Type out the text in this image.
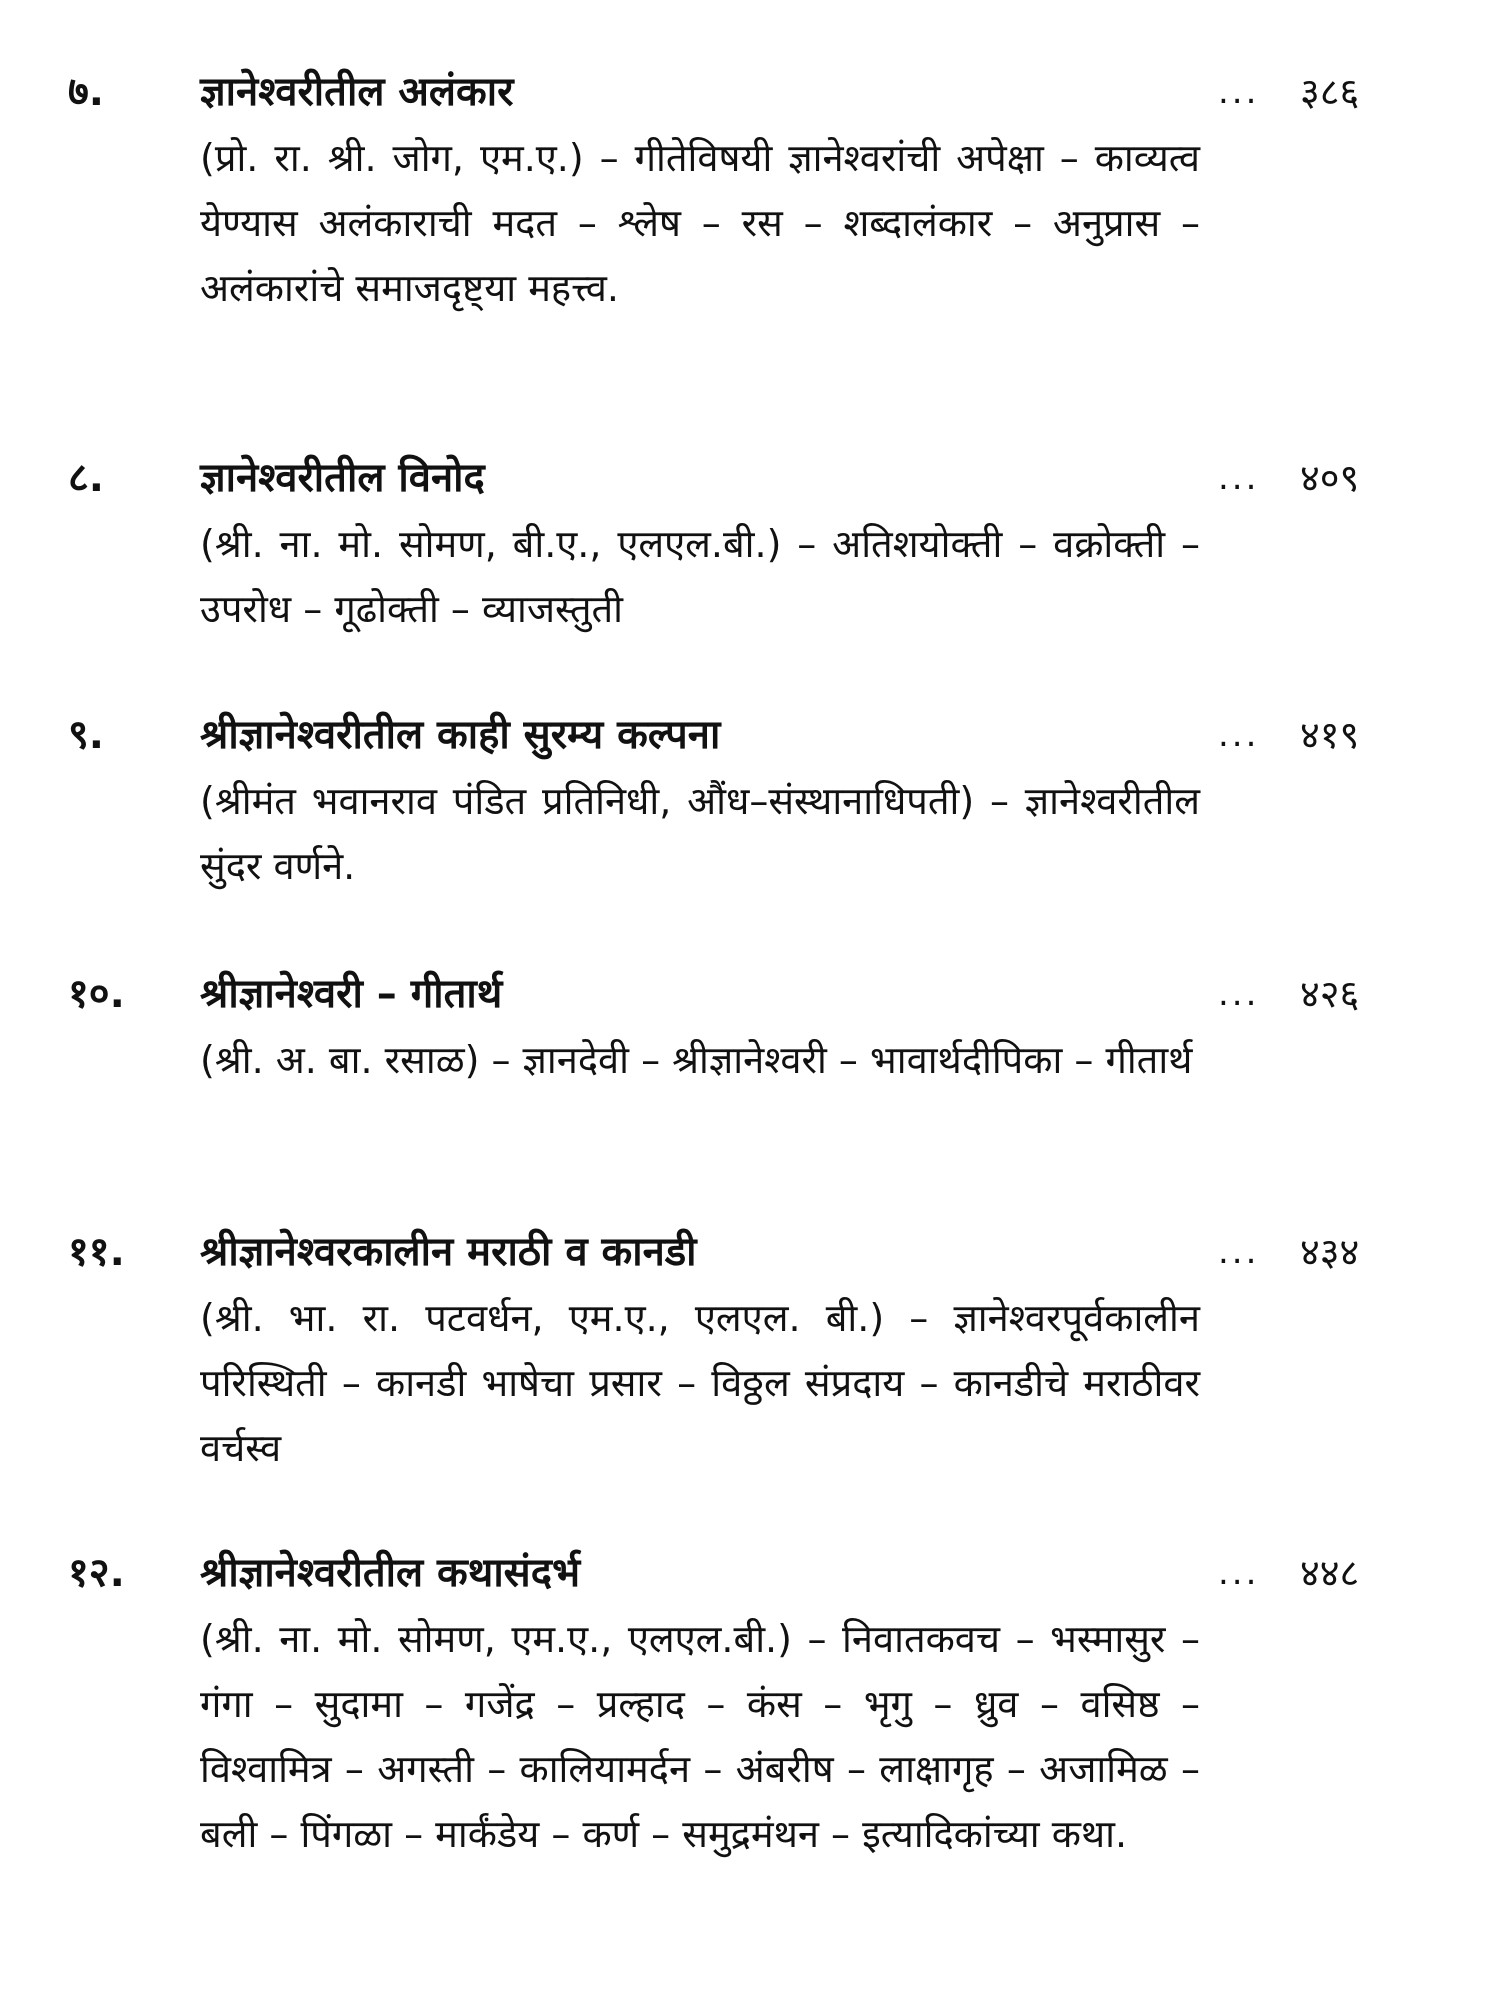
७. ज्ञानेश्वरीतील अलंकार	... ३८६

(प्रो. रा. श्री. जोग, एम.ए.) – गीतेविषयी ज्ञानेश्वरांची अपेक्षा – काव्यत्व येण्यास अलंकाराची मदत – श्लेष – रस – शब्दालंकार – अनुप्रास – अलंकारांचे समाजदृष्ट्या महत्त्व.

८. ज्ञानेश्वरीतील विनोद	... ४०९

(श्री. ना. मो. सोमण, बी.ए., एलएल.बी.) – अतिशयोक्ती – वक्रोक्ती – उपरोध – गूढोक्ती – व्याजस्तुती

९. श्रीज्ञानेश्वरीतील काही सुरम्य कल्पना	... ४१९

(श्रीमंत भवानराव पंडित प्रतिनिधी, औंध–संस्थानाधिपती) – ज्ञानेश्वरीतील सुंदर वर्णने.

१०. श्रीज्ञानेश्वरी – गीतार्थ	... ४२६

(श्री. अ. बा. रसाळ) – ज्ञानदेवी – श्रीज्ञानेश्वरी – भावार्थदीपिका – गीतार्थ

११. श्रीज्ञानेश्वरकालीन मराठी व कानडी	... ४३४

(श्री. भा. रा. पटवर्धन, एम.ए., एलएल. बी.) – ज्ञानेश्वरपूर्वकालीन परिस्थिती – कानडी भाषेचा प्रसार – विठ्ठल संप्रदाय – कानडीचे मराठीवर वर्चस्व

१२. श्रीज्ञानेश्वरीतील कथासंदर्भ	... ४४८

(श्री. ना. मो. सोमण, एम.ए., एलएल.बी.) – निवातकवच – भस्मासुर – गंगा – सुदामा – गजेंद्र – प्रल्हाद – कंस – भृगु – ध्रुव – वसिष्ठ – विश्वामित्र – अगस्ती – कालियामर्दन – अंबरीष – लाक्षागृह – अजामिळ – बली – पिंगळा – मार्कंडेय – कर्ण – समुद्रमंथन – इत्यादिकांच्या कथा.
